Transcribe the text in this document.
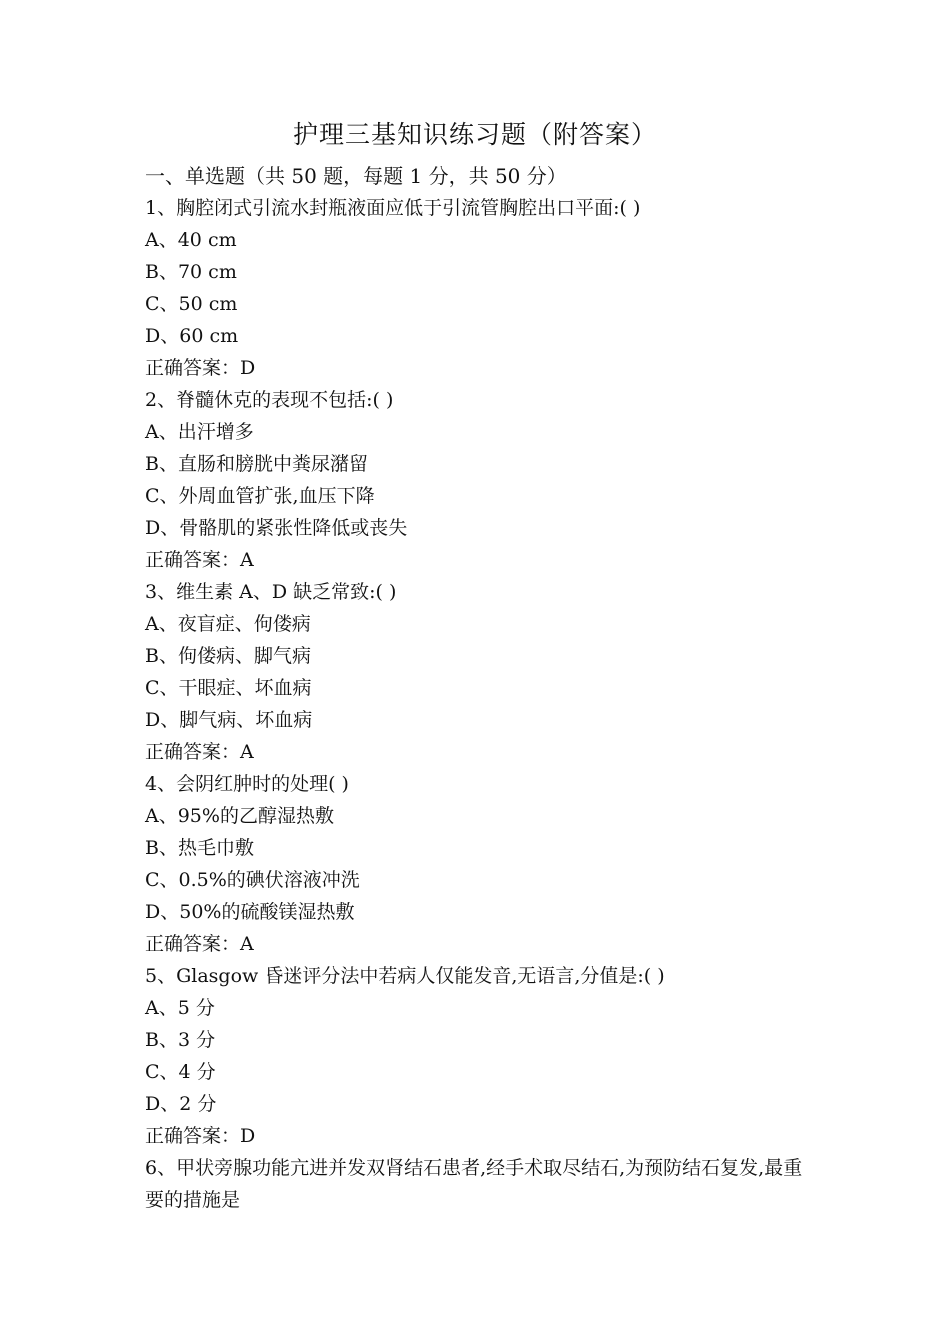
护理三基知识练习题（附答案）
一、单选题（共 50 题，每题 1 分，共 50 分）
1、胸腔闭式引流水封瓶液面应低于引流管胸腔出口平面:( )
A、40 cm
B、70 cm
C、50 cm
D、60 cm
正确答案：D
2、脊髓休克的表现不包括:( )
A、出汗增多
B、直肠和膀胱中粪尿潴留
C、外周血管扩张,血压下降
D、骨骼肌的紧张性降低或丧失
正确答案：A
3、维生素 A、D 缺乏常致:( )
A、夜盲症、佝偻病
B、佝偻病、脚气病
C、干眼症、坏血病
D、脚气病、坏血病
正确答案：A
4、会阴红肿时的处理( )
A、95%的乙醇湿热敷
B、热毛巾敷
C、0.5%的碘伏溶液冲洗
D、50%的硫酸镁湿热敷
正确答案：A
5、Glasgow 昏迷评分法中若病人仅能发音,无语言,分值是:( )
A、5 分
B、3 分
C、4 分
D、2 分
正确答案：D
6、甲状旁腺功能亢进并发双肾结石患者,经手术取尽结石,为预防结石复发,最重要的措施是
